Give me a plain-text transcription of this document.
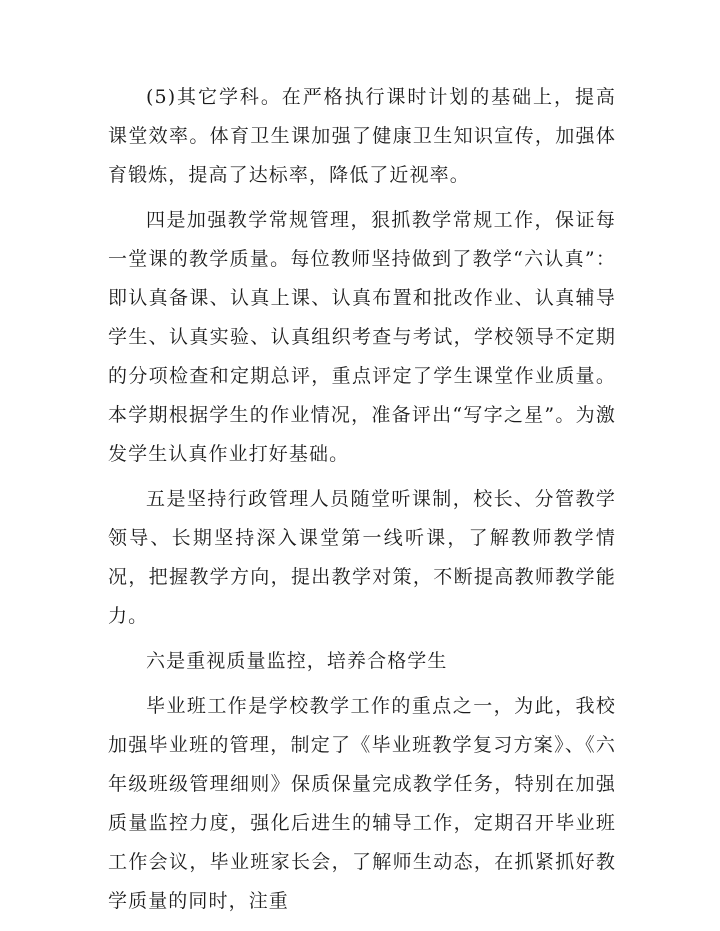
(5)其它学科。在严格执行课时计划的基础上，提高课堂效率。体育卫生课加强了健康卫生知识宣传，加强体育锻炼，提高了达标率，降低了近视率。

四是加强教学常规管理，狠抓教学常规工作，保证每一堂课的教学质量。每位教师坚持做到了教学“六认真”：即认真备课、认真上课、认真布置和批改作业、认真辅导学生、认真实验、认真组织考查与考试，学校领导不定期的分项检查和定期总评，重点评定了学生课堂作业质量。本学期根据学生的作业情况，准备评出“写字之星”。为激发学生认真作业打好基础。

五是坚持行政管理人员随堂听课制，校长、分管教学领导、长期坚持深入课堂第一线听课，了解教师教学情况，把握教学方向，提出教学对策，不断提高教师教学能力。

六是重视质量监控，培养合格学生

毕业班工作是学校教学工作的重点之一，为此，我校加强毕业班的管理，制定了《毕业班教学复习方案》、《六年级班级管理细则》保质保量完成教学任务，特别在加强质量监控力度，强化后进生的辅导工作，定期召开毕业班工作会议，毕业班家长会，了解师生动态，在抓紧抓好教学质量的同时，注重
